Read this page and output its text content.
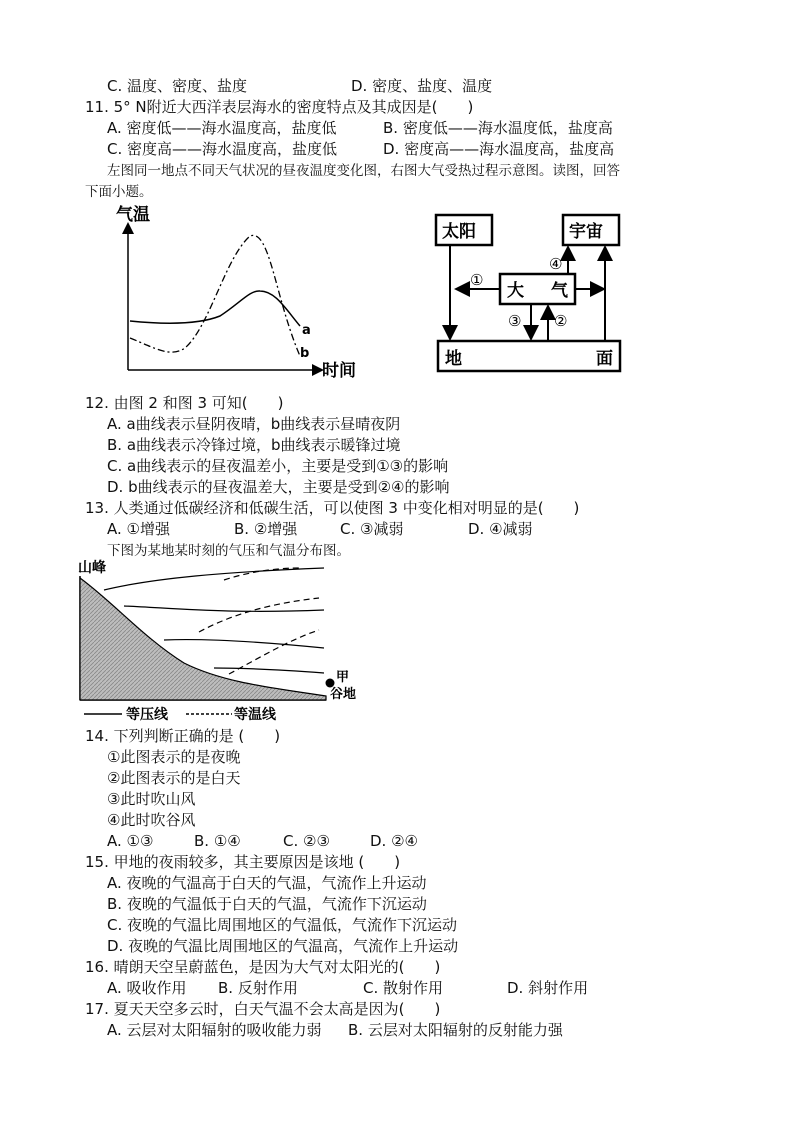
C. 温度、密度、盐度	D. 密度、盐度、温度
11. 5° N附近大西洋表层海水的密度特点及其成因是(　　)
A. 密度低——海水温度高，盐度低	B. 密度低——海水温度低，盐度高
C. 密度高——海水温度高，盐度低	D. 密度高——海水温度高，盐度高
左图同一地点不同天气状况的昼夜温度变化图，右图大气受热过程示意图。读图，回答
下面小题。
气温
时间
a
b
太阳	宇宙
大 气
地	面
①
④
③ ②
12. 由图 2 和图 3 可知(　　)
A. a曲线表示昼阴夜晴，b曲线表示昼晴夜阴
B. a曲线表示冷锋过境，b曲线表示暖锋过境
C. a曲线表示的昼夜温差小，主要是受到①③的影响
D. b曲线表示的昼夜温差大，主要是受到②④的影响
13. 人类通过低碳经济和低碳生活，可以使图 3 中变化相对明显的是(　　)
A. ①增强	B. ②增强	C. ③减弱	D. ④减弱
下图为某地某时刻的气压和气温分布图。
山峰
甲
谷地
等压线	等温线
14. 下列判断正确的是 (　　)
①此图表示的是夜晚
②此图表示的是白天
③此时吹山风
④此时吹谷风
A. ①③	B. ①④	C. ②③	D. ②④
15. 甲地的夜雨较多，其主要原因是该地 (　　)
A. 夜晚的气温高于白天的气温，气流作上升运动
B. 夜晚的气温低于白天的气温，气流作下沉运动
C. 夜晚的气温比周围地区的气温低，气流作下沉运动
D. 夜晚的气温比周围地区的气温高，气流作上升运动
16. 晴朗天空呈蔚蓝色，是因为大气对太阳光的(　　)
A. 吸收作用 B. 反射作用	C. 散射作用	D. 斜射作用
17. 夏天天空多云时，白天气温不会太高是因为(　　)
A. 云层对太阳辐射的吸收能力弱 B. 云层对太阳辐射的反射能力强
